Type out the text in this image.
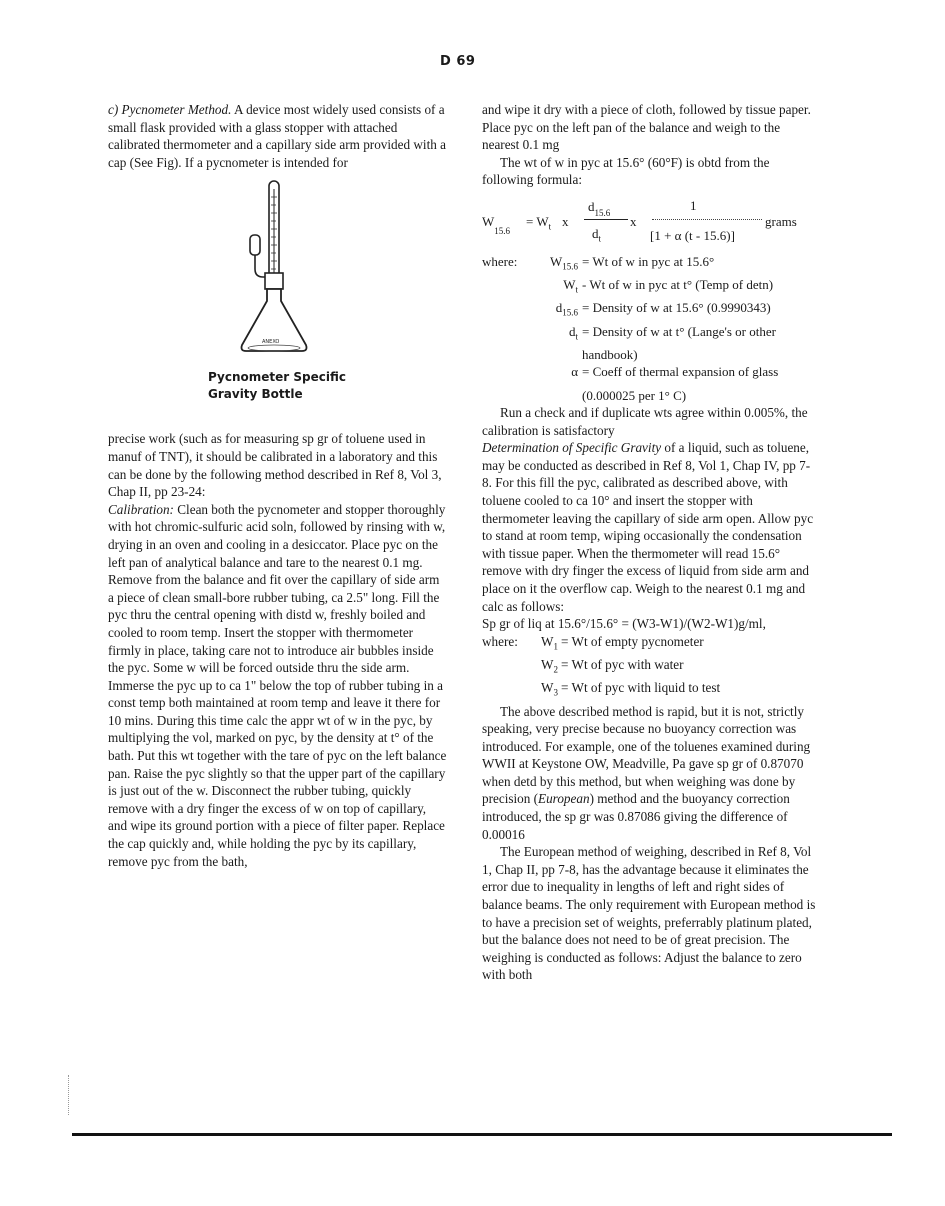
D 69

c) Pycnometer Method. A device most widely used consists of a small flask provided with a glass stopper with attached calibrated thermometer and a capillary side arm provided with a cap (See Fig). If a pycnometer is intended for

ANEXO
Pycnometer Specific
Gravity Bottle

precise work (such as for measuring sp gr of toluene used in manuf of TNT), it should be calibrated in a laboratory and this can be done by the following method described in Ref 8, Vol 3, Chap II, pp 23-24:

Calibration: Clean both the pycnometer and stopper thoroughly with hot chromic-sulfuric acid soln, followed by rinsing with w, drying in an oven and cooling in a desiccator. Place pyc on the left pan of analytical balance and tare to the nearest 0.1 mg. Remove from the balance and fit over the capillary of side arm a piece of clean small-bore rubber tubing, ca 2.5" long. Fill the pyc thru the central opening with distd w, freshly boiled and cooled to room temp. Insert the stopper with thermometer firmly in place, taking care not to introduce air bubbles inside the pyc. Some w will be forced outside thru the side arm. Immerse the pyc up to ca 1" below the top of rubber tubing in a const temp both maintained at room temp and leave it there for 10 mins. During this time calc the appr wt of w in the pyc, by multiplying the vol, marked on pyc, by the density at t° of the bath. Put this wt together with the tare of pyc on the left balance pan. Raise the pyc slightly so that the upper part of the capillary is just out of the w. Disconnect the rubber tubing, quickly remove with a dry finger the excess of w on top of capillary, and wipe its ground portion with a piece of filter paper. Replace the cap quickly and, while holding the pyc by its capillary, remove pyc from the bath,

and wipe it dry with a piece of cloth, followed by tissue paper. Place pyc on the left pan of the balance and weigh to the nearest 0.1 mg

The wt of w in pyc at 15.6° (60°F) is obtd from the following formula:

$W_{15.6}$
= $W_t$ x
$d_{15.6}$
$d_t$
x
1
[1 + α (t - 15.6)]
grams
where:	$W_{15.6} = Wt$ of w in pyc at 15.6°
$W_t$ - Wt of w in pyc at t° (Temp of detn)
$d_{15.6}$ = Density of w at 15.6° (0.9990343)
$d_t$ = Density of w at t° (Lange's or other
handbook)
α = Coeff of thermal expansion of glass
(0.000025 per 1° C)

Run a check and if duplicate wts agree within 0.005%, the calibration is satisfactory

Determination of Specific Gravity of a liquid, such as toluene, may be conducted as described in Ref 8, Vol 1, Chap IV, pp 7-8. For this fill the pyc, calibrated as described above, with toluene cooled to ca 10° and insert the stopper with thermometer leaving the capillary of side arm open. Allow pyc to stand at room temp, wiping occasionally the condensation with tissue paper. When the thermometer will read 15.6° remove with dry finger the excess of liquid from side arm and place on it the overflow cap. Weigh to the nearest 0.1 mg and calc as follows:

Sp gr of liq at 15.6°/15.6° = (W3-W1)/(W2-W1)g/ml,

where:	$W_1 = Wt$ of empty pycnometer
$W_2 = Wt$ of pyc with water
$W_3 = Wt$ of pyc with liquid to test

The above described method is rapid, but it is not, strictly speaking, very precise because no buoyancy correction was introduced. For example, one of the toluenes examined during WWII at Keystone OW, Meadville, Pa gave sp gr of 0.87070 when detd by this method, but when weighing was done by precision (European) method and the buoyancy correction introduced, the sp gr was 0.87086 giving the difference of 0.00016

The European method of weighing, described in Ref 8, Vol 1, Chap II, pp 7-8, has the advantage because it eliminates the error due to inequality in lengths of left and right sides of balance beams. The only requirement with European method is to have a precision set of weights, preferrably platinum plated, but the balance does not need to be of great precision. The weighing is conducted as follows: Adjust the balance to zero with both
